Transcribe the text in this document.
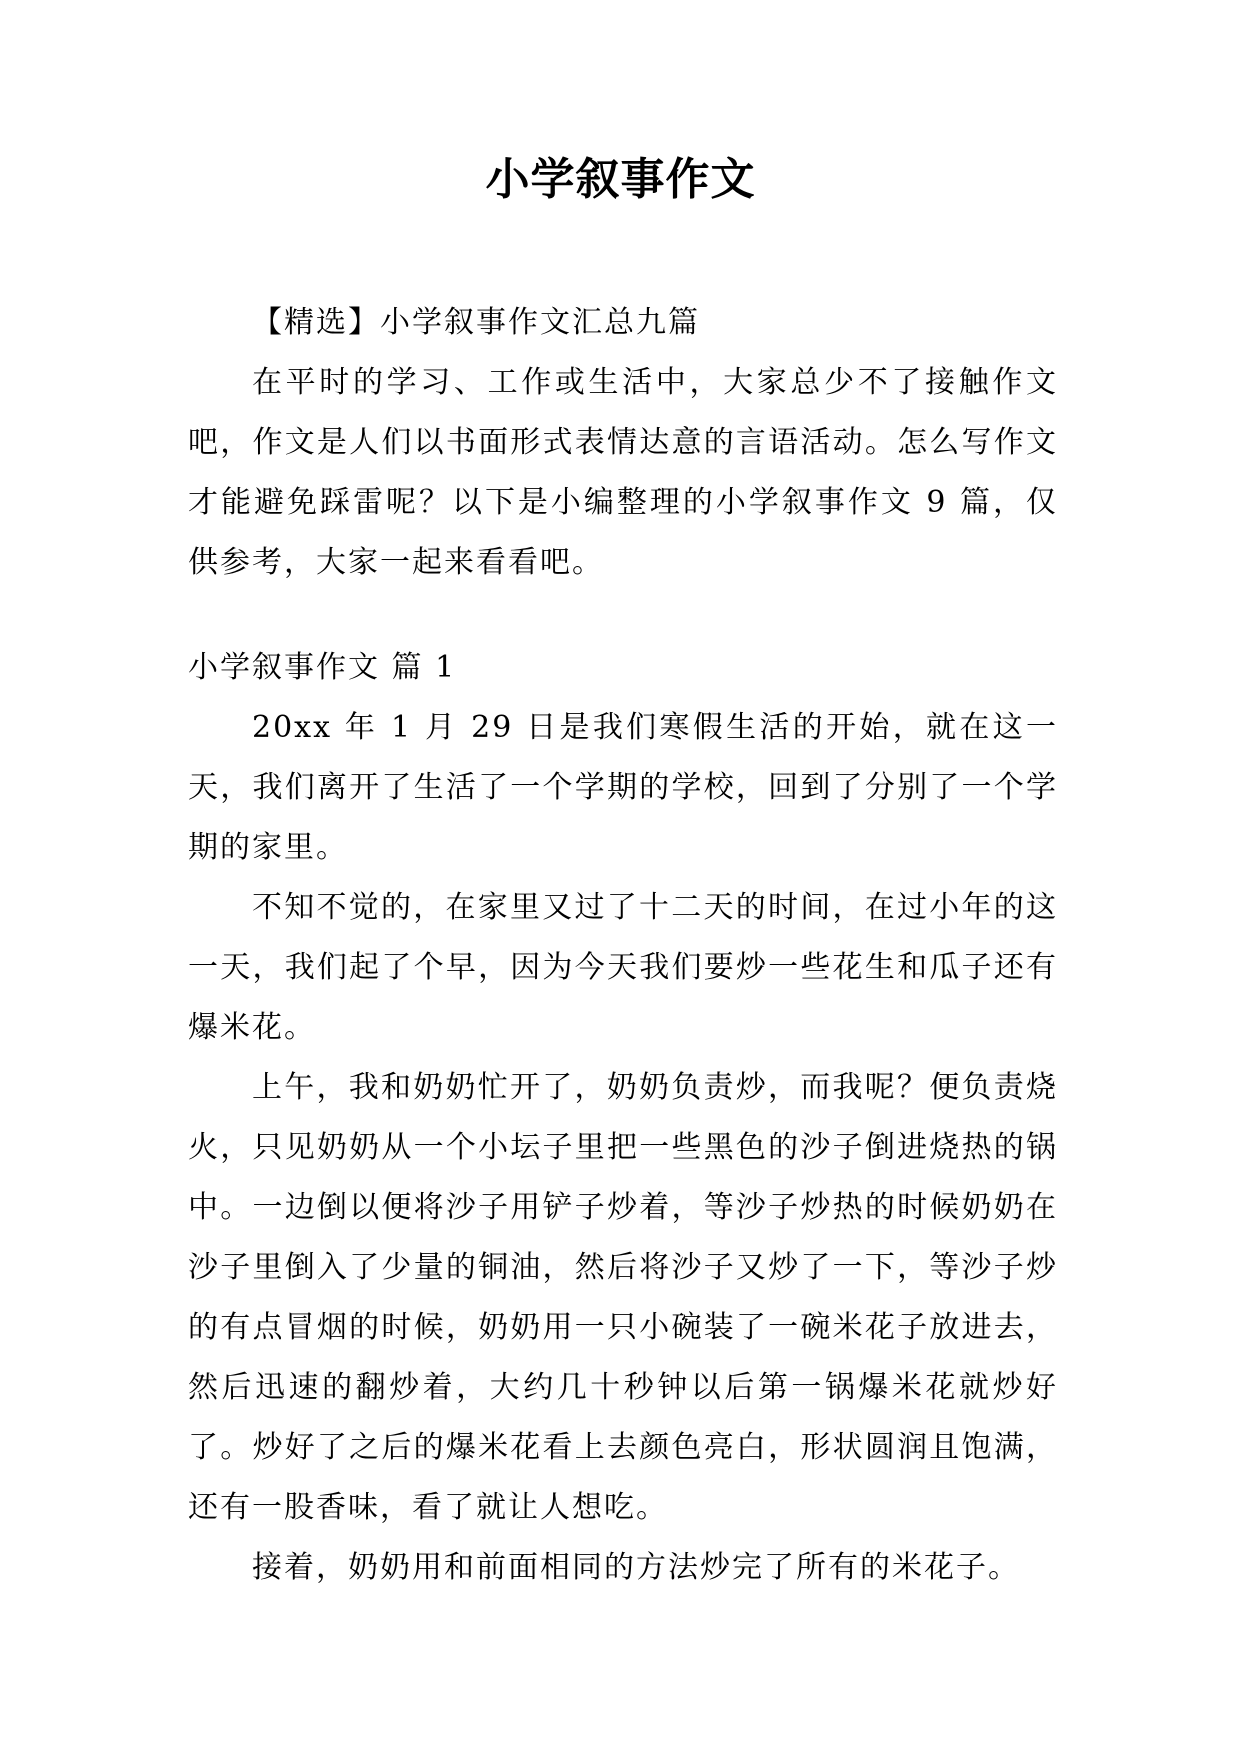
小学叙事作文

【精选】小学叙事作文汇总九篇

在平时的学习、工作或生活中，大家总少不了接触作文吧，作文是人们以书面形式表情达意的言语活动。怎么写作文才能避免踩雷呢？以下是小编整理的小学叙事作文 9 篇，仅供参考，大家一起来看看吧。

小学叙事作文 篇 1

20xx 年 1 月 29 日是我们寒假生活的开始，就在这一天，我们离开了生活了一个学期的学校，回到了分别了一个学期的家里。

不知不觉的，在家里又过了十二天的时间，在过小年的这一天，我们起了个早，因为今天我们要炒一些花生和瓜子还有爆米花。

上午，我和奶奶忙开了，奶奶负责炒，而我呢？便负责烧火，只见奶奶从一个小坛子里把一些黑色的沙子倒进烧热的锅中。一边倒以便将沙子用铲子炒着，等沙子炒热的时候奶奶在沙子里倒入了少量的铜油，然后将沙子又炒了一下，等沙子炒的有点冒烟的时候，奶奶用一只小碗装了一碗米花子放进去，然后迅速的翻炒着，大约几十秒钟以后第一锅爆米花就炒好了。炒好了之后的爆米花看上去颜色亮白，形状圆润且饱满，还有一股香味，看了就让人想吃。

接着，奶奶用和前面相同的方法炒完了所有的米花子。
